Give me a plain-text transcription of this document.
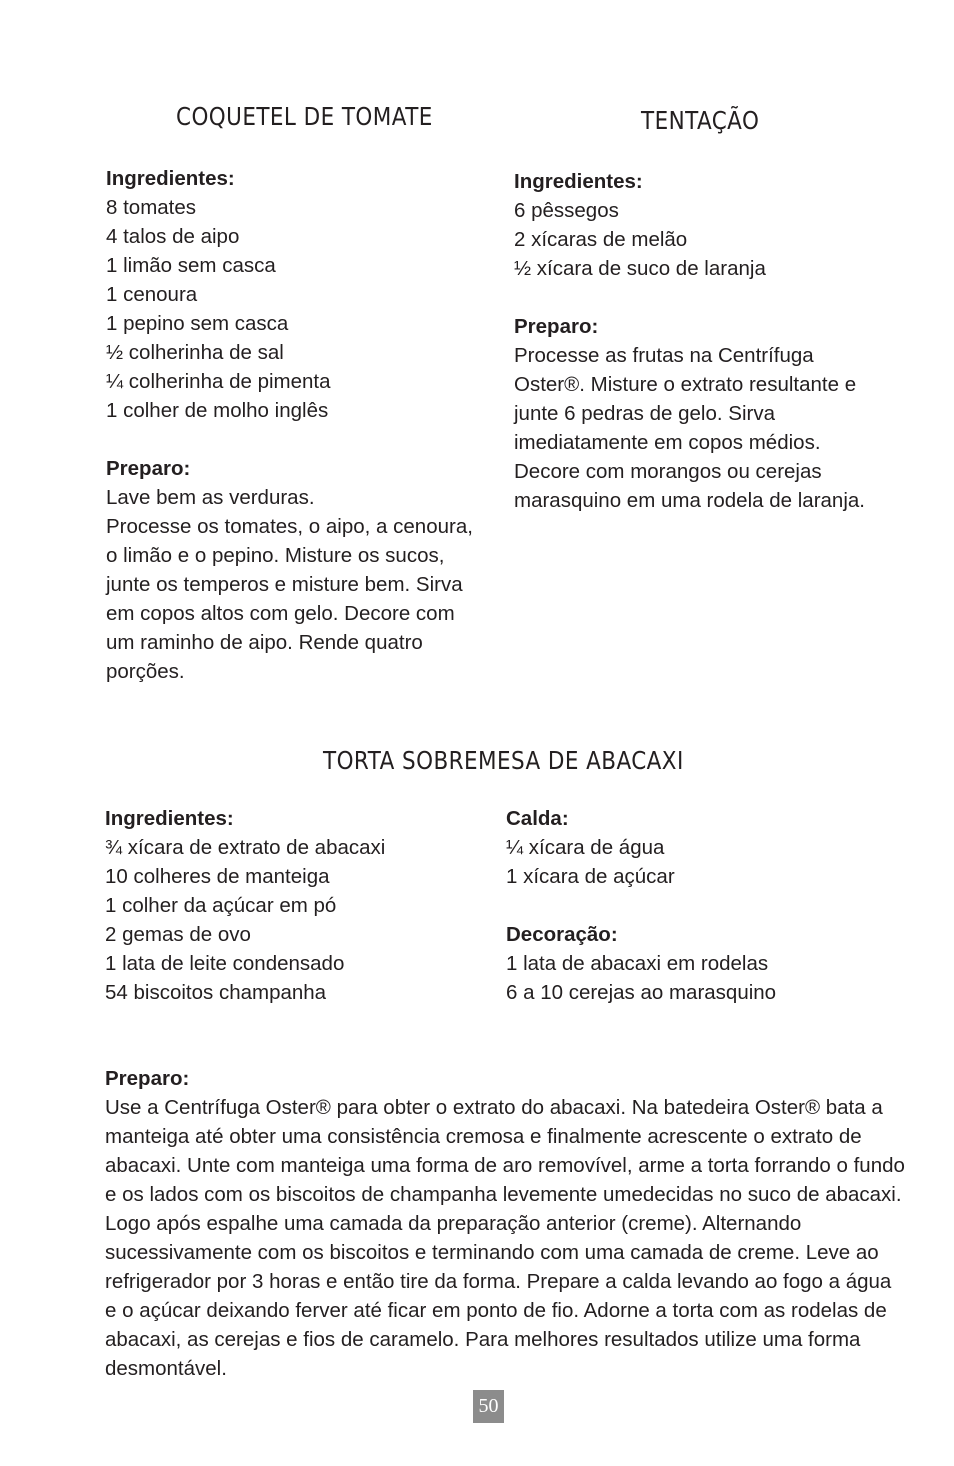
COQUETEL DE TOMATE

Ingredientes:

8 tomates

4 talos de aipo

1 limão sem casca

1 cenoura

1 pepino sem casca

½ colherinha de sal

¼ colherinha de pimenta

1 colher de molho inglês

Preparo:

Lave bem as verduras.

Processe os tomates, o aipo, a cenoura,

o limão e o pepino. Misture os sucos,

junte os temperos e misture bem. Sirva

em copos altos com gelo. Decore com

um raminho de aipo. Rende quatro

porções.

TENTAÇÃO

Ingredientes:

6 pêssegos

2 xícaras de melão

½ xícara de suco de laranja

Preparo:

Processe as frutas na Centrífuga

Oster®. Misture o extrato resultante e

junte 6 pedras de gelo. Sirva

imediatamente em copos médios.

Decore com morangos ou cerejas

marasquino em uma rodela de laranja.

TORTA SOBREMESA DE ABACAXI

Ingredientes:

¾ xícara de extrato de abacaxi

10 colheres de manteiga

1 colher da açúcar em pó

2 gemas de ovo

1 lata de leite condensado

54 biscoitos champanha

Calda:

¼ xícara de água

1 xícara de açúcar

Decoração:

1 lata de abacaxi em rodelas

6 a 10 cerejas ao marasquino

Preparo:

Use a Centrífuga Oster® para obter o extrato do abacaxi. Na batedeira Oster® bata a

manteiga até obter uma consistência cremosa e finalmente acrescente o extrato de

abacaxi. Unte com manteiga uma forma de aro removível, arme a torta forrando o fundo

e os lados com os biscoitos de champanha levemente umedecidas no suco de abacaxi.

Logo após espalhe uma camada da preparação anterior (creme). Alternando

sucessivamente com os biscoitos e terminando com uma camada de creme. Leve ao

refrigerador por 3 horas e então tire da forma. Prepare a calda levando ao fogo a água

e o açúcar deixando ferver até ficar em ponto de fio. Adorne a torta com as rodelas de

abacaxi, as cerejas e fios de caramelo. Para melhores resultados utilize uma forma

desmontável.

50
